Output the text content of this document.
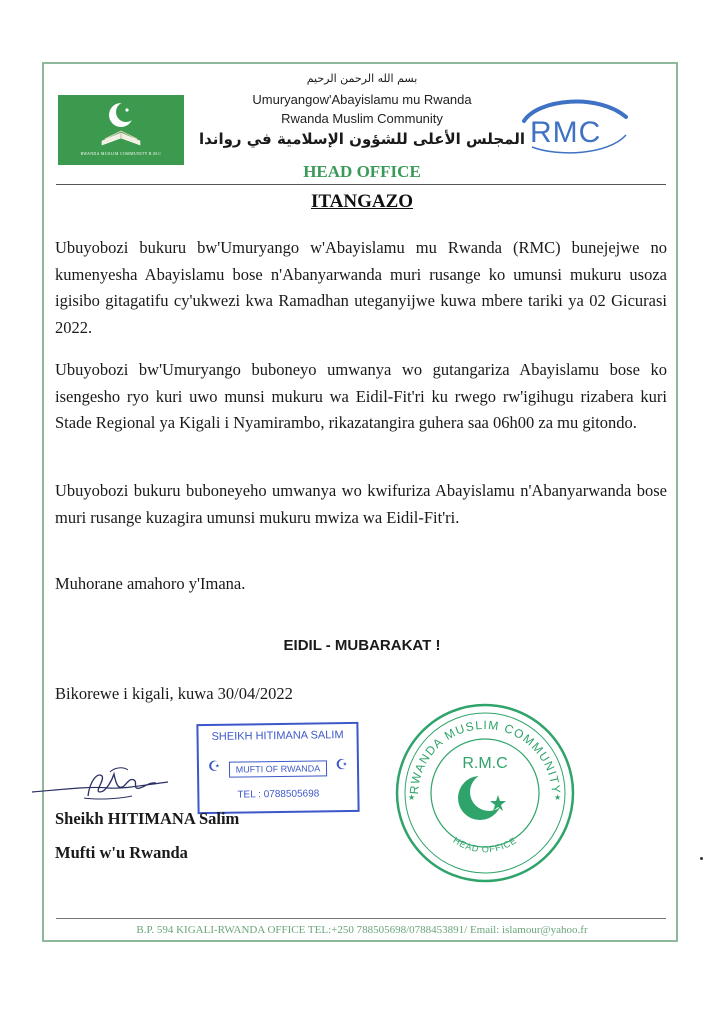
بسم الله الرحمن الرحيم
Umuryangow'Abayislamu mu Rwanda
Rwanda Muslim Community
المجلس الأعلى للشؤون الإسلامية في رواندا
HEAD OFFICE
RWANDA MUSLIM COMMUNITY R.M.C
RMC
ITANGAZO

Ubuyobozi bukuru bw'Umuryango w'Abayislamu mu Rwanda (RMC) bunejejwe no kumenyesha Abayislamu bose n'Abanyarwanda muri rusange ko umunsi mukuru usoza igisibo gitagatifu cy'ukwezi kwa Ramadhan uteganyijwe kuwa mbere tariki ya 02 Gicurasi 2022.

Ubuyobozi bw'Umuryango buboneyo umwanya wo gutangariza Abayislamu bose ko isengesho ryo kuri uwo munsi mukuru wa Eidil-Fit'ri ku rwego rw'igihugu rizabera kuri Stade Regional ya Kigali i Nyamirambo, rikazatangira guhera saa 06h00 za mu gitondo.

Ubuyobozi bukuru buboneyeho umwanya wo kwifuriza Abayislamu n'Abanyarwanda bose muri rusange kuzagira umunsi mukuru mwiza wa Eidil-Fit'ri.

Muhorane amahoro y'Imana.

EIDIL - MUBARAKAT !

Bikorewe i kigali, kuwa 30/04/2022

SHEIKH HITIMANA SALIM
☪	MUFTI OF RWANDA	☪
TEL : 0788505698

Sheikh HITIMANA Salim

Mufti w'u Rwanda

RWANDA MUSLIM COMMUNITY
R.M.C
HEAD OFFICE
★	★
B.P. 594 KIGALI-RWANDA OFFICE TEL:+250 788505698/0788453891/ Email: islamour@yahoo.fr
